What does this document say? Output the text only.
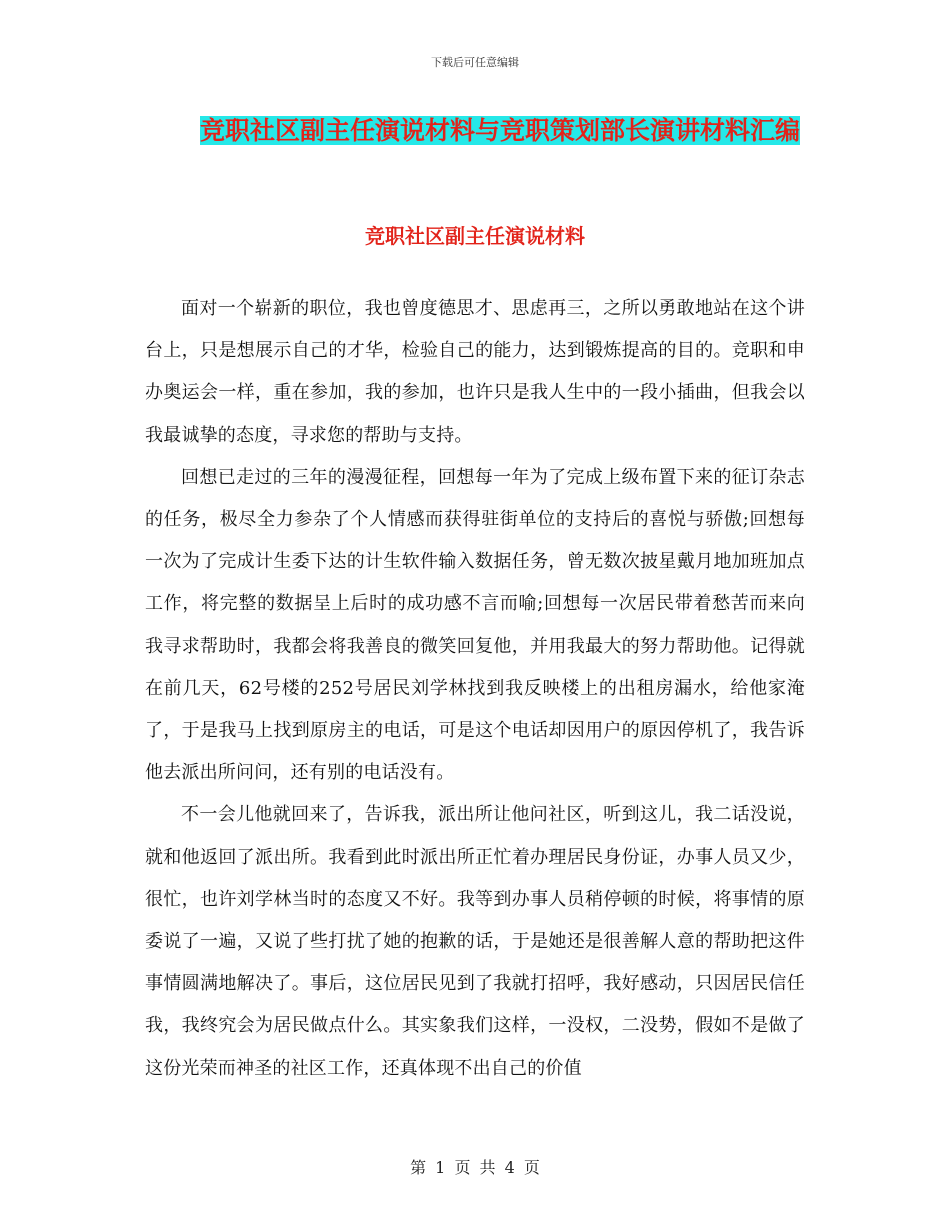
下载后可任意编辑
竞职社区副主任演说材料与竞职策划部长演讲材料汇编
竞职社区副主任演说材料

面对一个崭新的职位，我也曾度德思才、思虑再三，之所以勇敢地站在这个讲台上，只是想展示自己的才华，检验自己的能力，达到锻炼提高的目的。竞职和申办奥运会一样，重在参加，我的参加，也许只是我人生中的一段小插曲，但我会以我最诚挚的态度，寻求您的帮助与支持。

回想已走过的三年的漫漫征程，回想每一年为了完成上级布置下来的征订杂志的任务，极尽全力参杂了个人情感而获得驻街单位的支持后的喜悦与骄傲;回想每一次为了完成计生委下达的计生软件输入数据任务，曾无数次披星戴月地加班加点工作，将完整的数据呈上后时的成功感不言而喻;回想每一次居民带着愁苦而来向我寻求帮助时，我都会将我善良的微笑回复他，并用我最大的努力帮助他。记得就在前几天，62号楼的252号居民刘学林找到我反映楼上的出租房漏水，给他家淹了，于是我马上找到原房主的电话，可是这个电话却因用户的原因停机了，我告诉他去派出所问问，还有别的电话没有。

不一会儿他就回来了，告诉我，派出所让他问社区，听到这儿，我二话没说，就和他返回了派出所。我看到此时派出所正忙着办理居民身份证，办事人员又少，很忙，也许刘学林当时的态度又不好。我等到办事人员稍停顿的时候，将事情的原委说了一遍，又说了些打扰了她的抱歉的话，于是她还是很善解人意的帮助把这件事情圆满地解决了。事后，这位居民见到了我就打招呼，我好感动，只因居民信任我，我终究会为居民做点什么。其实象我们这样，一没权，二没势，假如不是做了这份光荣而神圣的社区工作，还真体现不出自己的价值

第 1 页 共 4 页
